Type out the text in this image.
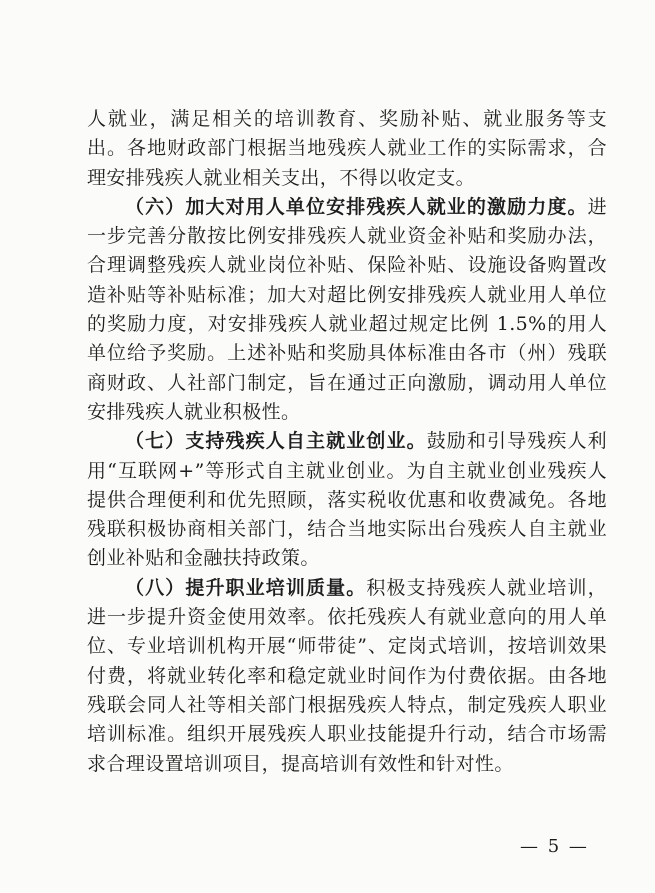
人就业，满足相关的培训教育、奖励补贴、就业服务等支出。各地财政部门根据当地残疾人就业工作的实际需求，合理安排残疾人就业相关支出，不得以收定支。

（六）加大对用人单位安排残疾人就业的激励力度。进一步完善分散按比例安排残疾人就业资金补贴和奖励办法，合理调整残疾人就业岗位补贴、保险补贴、设施设备购置改造补贴等补贴标准；加大对超比例安排残疾人就业用人单位的奖励力度，对安排残疾人就业超过规定比例 1.5%的用人单位给予奖励。上述补贴和奖励具体标准由各市（州）残联商财政、人社部门制定，旨在通过正向激励，调动用人单位安排残疾人就业积极性。

（七）支持残疾人自主就业创业。鼓励和引导残疾人利用“互联网+”等形式自主就业创业。为自主就业创业残疾人提供合理便利和优先照顾，落实税收优惠和收费减免。各地残联积极协商相关部门，结合当地实际出台残疾人自主就业创业补贴和金融扶持政策。

（八）提升职业培训质量。积极支持残疾人就业培训，进一步提升资金使用效率。依托残疾人有就业意向的用人单位、专业培训机构开展“师带徒”、定岗式培训，按培训效果付费，将就业转化率和稳定就业时间作为付费依据。由各地残联会同人社等相关部门根据残疾人特点，制定残疾人职业培训标准。组织开展残疾人职业技能提升行动，结合市场需求合理设置培训项目，提高培训有效性和针对性。

— 5 —
